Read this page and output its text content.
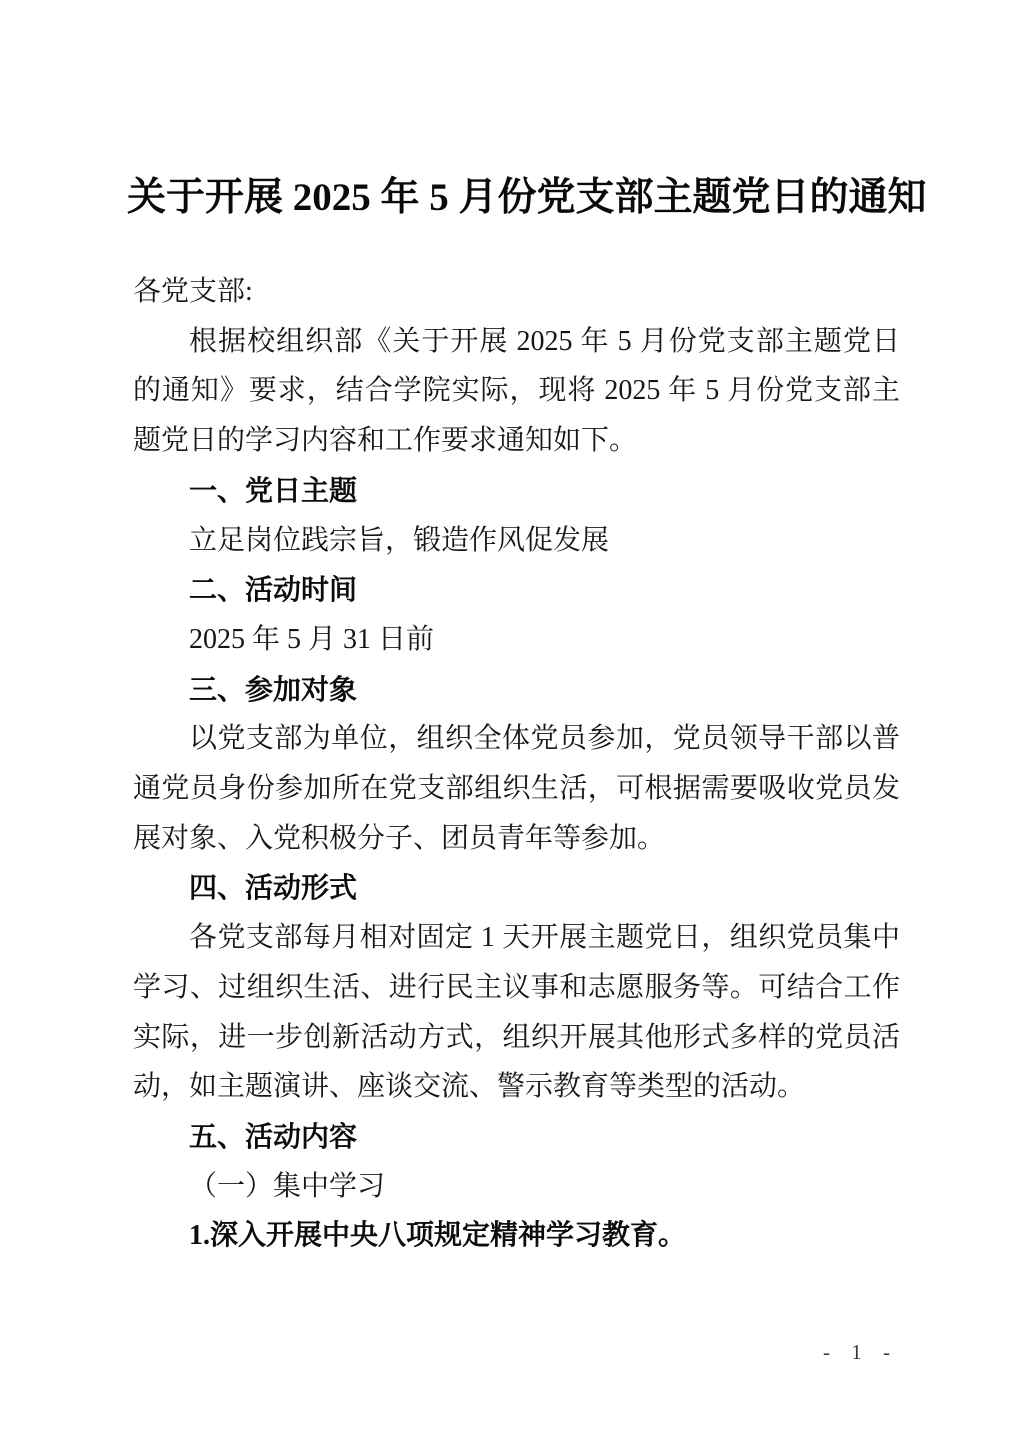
关于开展 2025 年 5 月份党支部主题党日的通知

各党支部:

根据校组织部《关于开展 2025 年 5 月份党支部主题党日的通知》要求，结合学院实际，现将 2025 年 5 月份党支部主题党日的学习内容和工作要求通知如下。

一、党日主题

立足岗位践宗旨，锻造作风促发展

二、活动时间

2025 年 5 月 31 日前

三、参加对象

以党支部为单位，组织全体党员参加，党员领导干部以普通党员身份参加所在党支部组织生活，可根据需要吸收党员发展对象、入党积极分子、团员青年等参加。

四、活动形式

各党支部每月相对固定 1 天开展主题党日，组织党员集中学习、过组织生活、进行民主议事和志愿服务等。可结合工作实际，进一步创新活动方式，组织开展其他形式多样的党员活动，如主题演讲、座谈交流、警示教育等类型的活动。

五、活动内容

（一）集中学习

1.深入开展中央八项规定精神学习教育。

- 1 -
